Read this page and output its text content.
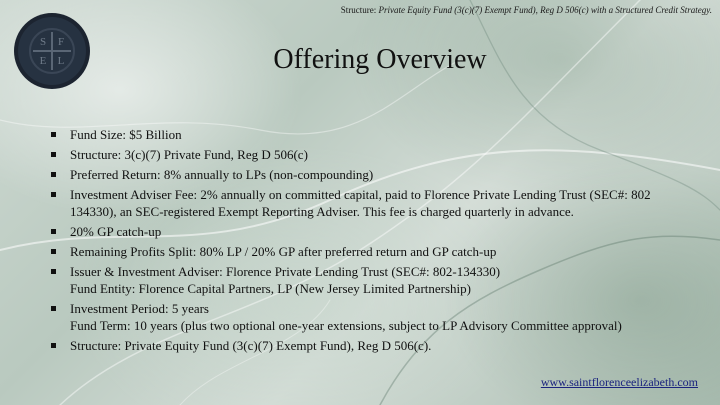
Structure: Private Equity Fund (3(c)(7) Exempt Fund), Reg D 506(c) with a Structured Credit Strategy.
S F
E L	Offering Overview
Fund Size: $5 Billion
Structure: 3(c)(7) Private Fund, Reg D 506(c)
Preferred Return: 8% annually to LPs (non-compounding)
Investment Adviser Fee: 2% annually on committed capital, paid to Florence Private Lending Trust (SEC#: 802
134330), an SEC-registered Exempt Reporting Adviser. This fee is charged quarterly in advance.
20% GP catch-up
Remaining Profits Split: 80% LP / 20% GP after preferred return and GP catch-up
Issuer & Investment Adviser: Florence Private Lending Trust (SEC#: 802-134330)
Fund Entity: Florence Capital Partners, LP (New Jersey Limited Partnership)
Investment Period: 5 years
Fund Term: 10 years (plus two optional one-year extensions, subject to LP Advisory Committee approval)
Structure: Private Equity Fund (3(c)(7) Exempt Fund), Reg D 506(c).
www.saintflorenceelizabeth.com
